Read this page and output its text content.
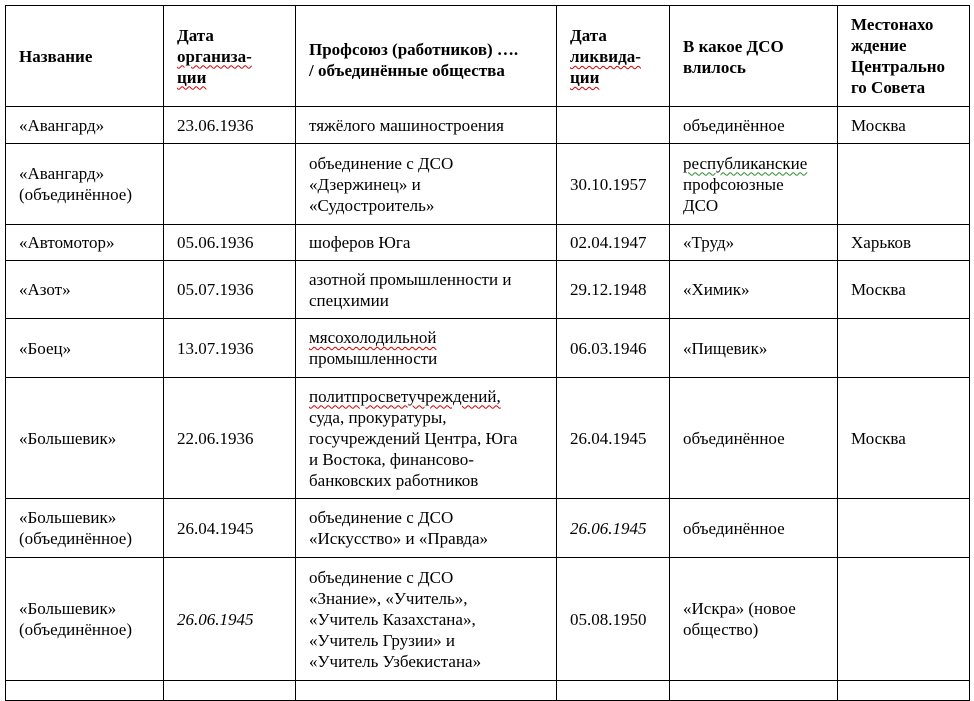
Название	Дата
организа-
ции	Профсоюз (работников) ….
/ объединённые общества	Дата
ликвида-
ции	В какое ДСО
влилось	Местонахо
ждение
Центрально
го Совета

«Авангард»	23.06.1936	тяжёлого машиностроения		объединённое	Москва

«Авангард»
(объединённое)		объединение с ДСО
«Дзержинец» и
«Судостроитель»	30.10.1957	республиканские
профсоюзные
ДСО	

«Автомотор»	05.06.1936	шоферов Юга	02.04.1947	«Труд»	Харьков

«Азот»	05.07.1936	азотной промышленности и
спецхимии	29.12.1948	«Химик»	Москва

«Боец»	13.07.1936	мясохолодильной
промышленности	06.03.1946	«Пищевик»	

«Большевик»	22.06.1936	политпросветучреждений,
суда, прокуратуры,
госучреждений Центра, Юга
и Востока, финансово-
банковских работников	26.04.1945	объединённое	Москва

«Большевик»
(объединённое)	26.04.1945	объединение с ДСО
«Искусство» и «Правда»	26.06.1945	объединённое	

«Большевик»
(объединённое)	26.06.1945	объединение с ДСО
«Знание», «Учитель»,
«Учитель Казахстана»,
«Учитель Грузии» и
«Учитель Узбекистана»	05.08.1950	«Искра» (новое
общество)	
